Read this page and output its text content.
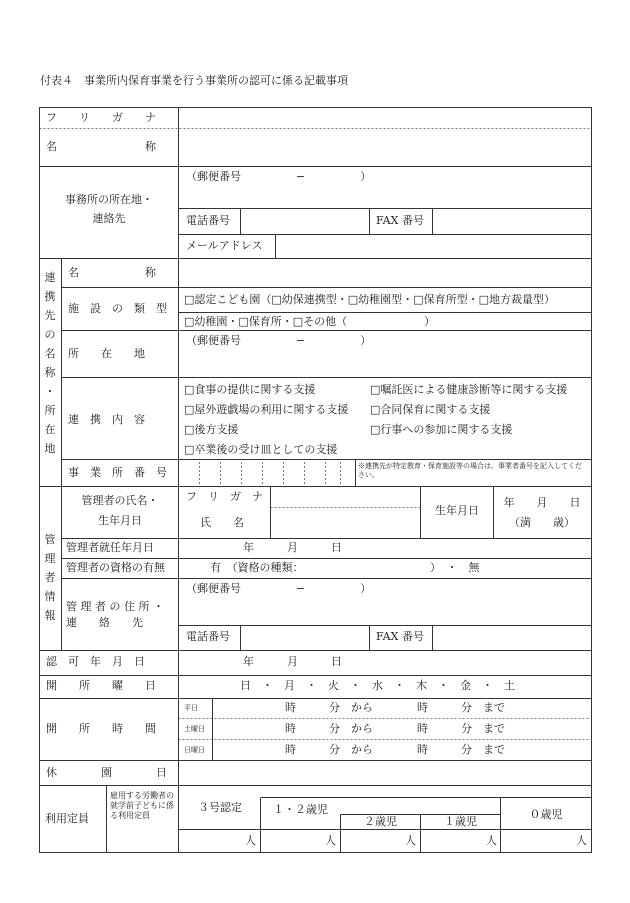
付表４　事業所内保育事業を行う事業所の認可に係る記載事項
フ　　リ　　ガ　　ナ
名　　　　　　　　称
事務所の所在地・
連絡先
（郵便番号　　　　　−　　　　　）
電話番号	FAX 番号
メールアドレス
連
携
先
の
名
称
・
所
在
地
名　　　　　　称
施　設　の　類　型
□認定こども園（□幼保連携型・□幼稚園型・□保育所型・□地方裁量型）
□幼稚園・□保育所・□その他（　　　　　　　）
所　　在　　地
（郵便番号　　　　　−　　　　　）
連　携　内　容
□食事の提供に関する支援	□嘱託医による健康診断等に関する支援
□屋外遊戯場の利用に関する支援 □合同保育に関する支援
□後方支援	□行事への参加に関する支援
□卒業後の受け皿としての支援
事　業　所　番　号	※連携先が特定教育・保育施設等の場合は、事業者番号を記入してください。
管
理
者
情
報
管理者の氏名・
生年月日
フ　リ　ガ　ナ
氏　　名
生年月日
年　　月　　日
（満　　歳）
管理者就任年月日	年　　　月　　　日
管理者の資格の有無	有　（資格の種類：　　　　　　　　　　　　）　・　無
管 理 者 の 住 所 ・
連　　絡　　先
（郵便番号　　　　　−　　　　　）
電話番号	FAX 番号
認　可　年　月　日	年　　　月　　　日
開　　所　　曜　　日	日　・　月　・　火　・　水　・　木　・　金　・　土
開　　所　　時　　間
平日	時　　　分　から　　　　時　　　分　まで
土曜日	時　　　分　から　　　　時　　　分　まで
日曜日	時　　　分　から　　　　時　　　分　まで
休　　　　園　　　　日
利用定員
雇用する労働者の就学前子どもに係る利用定員
３号認定	１・２歳児
２歳児	１歳児
０歳児
人	人	人	人	人
